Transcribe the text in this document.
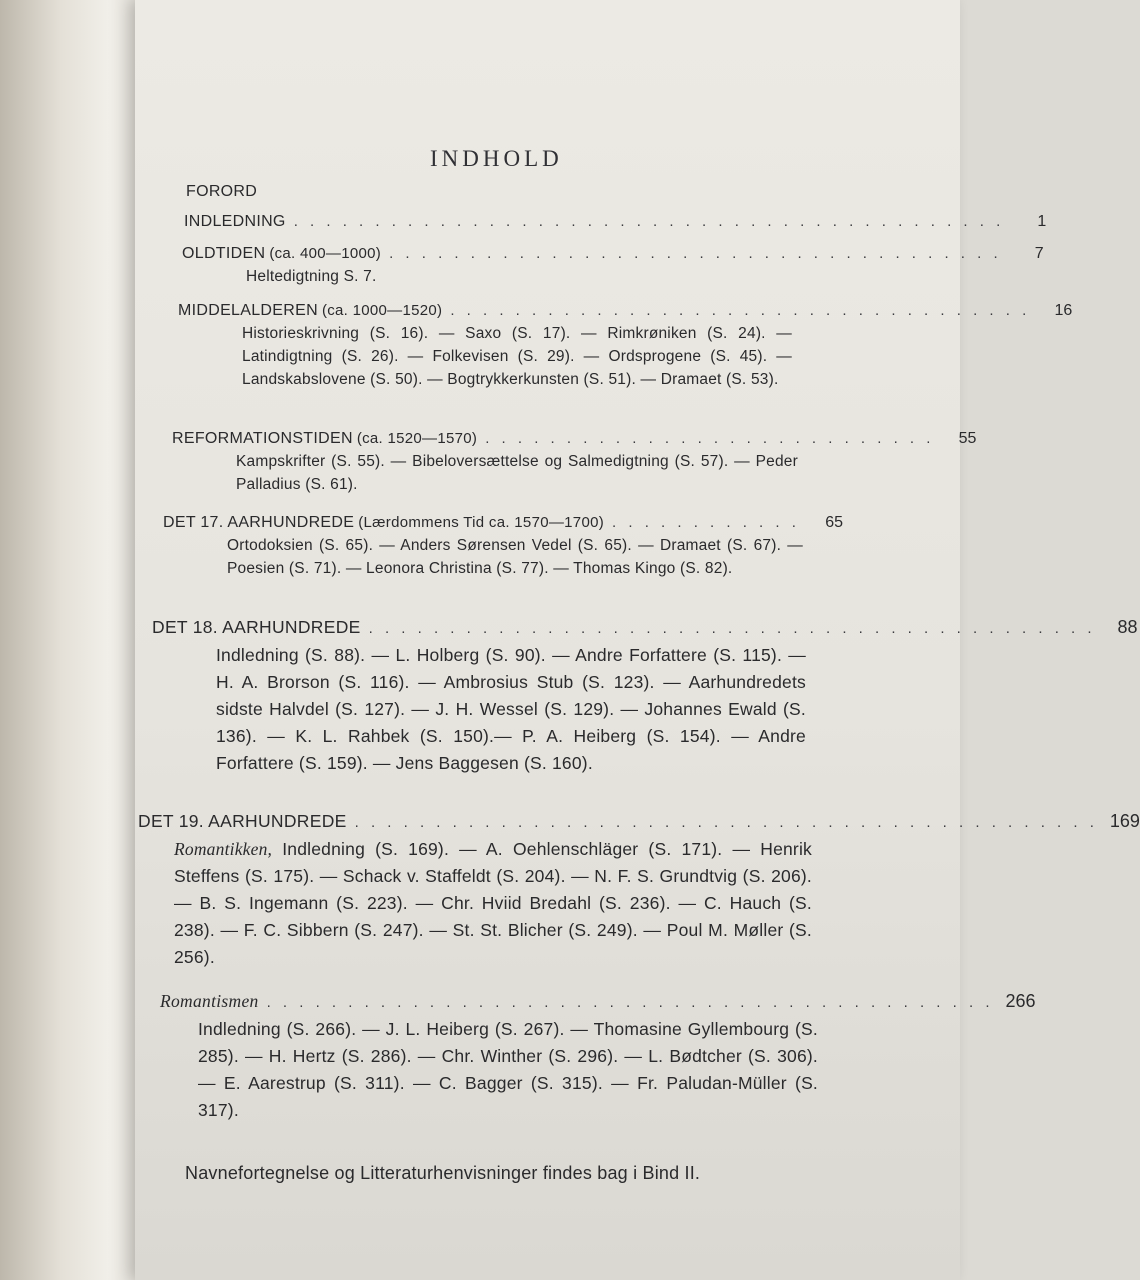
INDHOLD
FORORD
INDLEDNING . . . . . . . . . . . . . . . . . . . . . . . . . . . . . . . . . . . . . . . . . . . .	1
OLDTIDEN (ca. 400—1000) . . . . . . . . . . . . . . . . . . . . . . . . . . . . . . . . . . . . . .	7
Heltedigtning S. 7.
MIDDELALDEREN (ca. 1000—1520) . . . . . . . . . . . . . . . . . . . . . . . . . . . . . . . . . . . .	16
Historieskrivning (S. 16). — Saxo (S. 17). — Rimkrøniken (S. 24). — Latindigtning (S. 26). — Folkevisen (S. 29). — Ordsprogene (S. 45). — Landskabslovene (S. 50). — Bogtrykkerkunsten (S. 51). — Dramaet (S. 53).
REFORMATIONSTIDEN (ca. 1520—1570) . . . . . . . . . . . . . . . . . . . . . . . . . . . .	55
Kampskrifter (S. 55). — Bibeloversættelse og Salmedigtning (S. 57). — Peder Palladius (S. 61).
DET 17. AARHUNDREDE (Lærdommens Tid ca. 1570—1700) . . . . . . . . . . . .	65
Ortodoksien (S. 65). — Anders Sørensen Vedel (S. 65). — Dramaet (S. 67). — Poesien (S. 71). — Leonora Christina (S. 77). — Thomas Kingo (S. 82).
DET 18. AARHUNDREDE . . . . . . . . . . . . . . . . . . . . . . . . . . . . . . . . . . . . . . . . . . . . .	88
Indledning (S. 88). — L. Holberg (S. 90). — Andre Forfattere (S. 115). — H. A. Brorson (S. 116). — Ambrosius Stub (S. 123). — Aarhundredets sidste Halvdel (S. 127). — J. H. Wessel (S. 129). — Johannes Ewald (S. 136). — K. L. Rahbek (S. 150).— P. A. Heiberg (S. 154). — Andre Forfattere (S. 159). — Jens Baggesen (S. 160).
DET 19. AARHUNDREDE . . . . . . . . . . . . . . . . . . . . . . . . . . . . . . . . . . . . . . . . . . . . . . 169
Romantikken, Indledning (S. 169). — A. Oehlenschläger (S. 171). — Henrik Steffens (S. 175). — Schack v. Staffeldt (S. 204). — N. F. S. Grundtvig (S. 206). — B. S. Ingemann (S. 223). — Chr. Hviid Bredahl (S. 236). — C. Hauch (S. 238). — F. C. Sibbern (S. 247). — St. St. Blicher (S. 249). — Poul M. Møller (S. 256).
Romantismen . . . . . . . . . . . . . . . . . . . . . . . . . . . . . . . . . . . . . . . . . . . . . 266
Indledning (S. 266). — J. L. Heiberg (S. 267). — Thomasine Gyllembourg (S. 285). — H. Hertz (S. 286). — Chr. Winther (S. 296). — L. Bødtcher (S. 306). — E. Aarestrup (S. 311). — C. Bagger (S. 315). — Fr. Paludan-Müller (S. 317).
Navnefortegnelse og Litteraturhenvisninger findes bag i Bind II.
